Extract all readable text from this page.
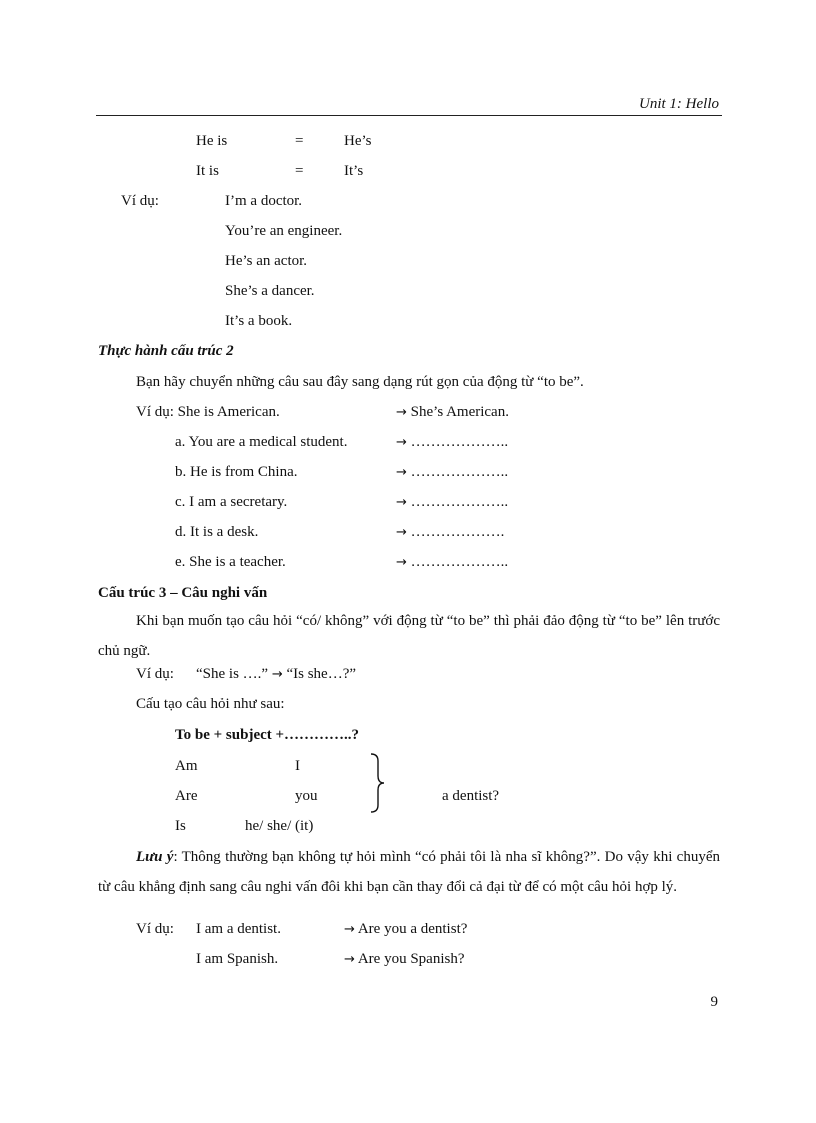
Unit 1: Hello
He is	=	He’s
It is	=	It’s
Ví dụ:	I’m a doctor.
You’re an engineer.
He’s an actor.
She’s a dancer.
It’s a book.
Thực hành cấu trúc 2
Bạn hãy chuyển những câu sau đây sang dạng rút gọn của động từ “to be”.
Ví dụ: She is American.	→ She’s American.
a. You are a medical student.	→ ………………..
b. He is from China.	→ ………………..
c. I am a secretary.	→ ………………..
d. It is a desk.	→ ……………….
e. She is a teacher.	→ ………………..
Cấu trúc 3 – Câu nghi vấn
Khi bạn muốn tạo câu hỏi “có/ không” với động từ “to be” thì phải đảo động từ “to be” lên trước chủ ngữ.
Ví dụ: “She is ….” → “Is she…?”
Cấu tạo câu hỏi như sau:
To be + subject +…………..?
Am	I
Are	you
Is	he/ she/ (it)
a dentist?
Lưu ý: Thông thường bạn không tự hỏi mình “có phải tôi là nha sĩ không?”. Do vậy khi chuyển từ câu khẳng định sang câu nghi vấn đôi khi bạn cần thay đổi cả đại từ để có một câu hỏi hợp lý.
Ví dụ: I am a dentist.	→ Are you a dentist?
I am Spanish.	→ Are you Spanish?
9
